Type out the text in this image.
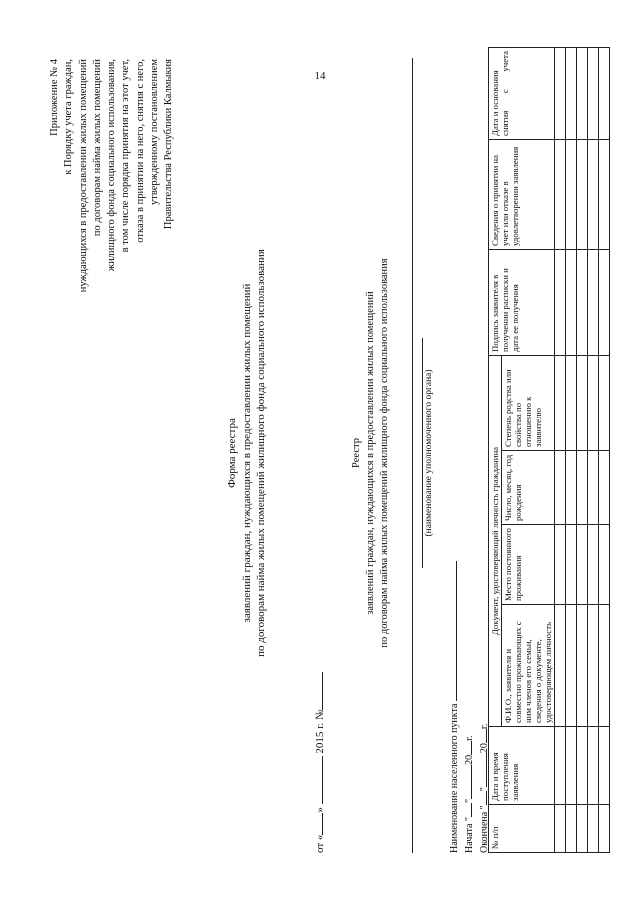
14
Приложение № 4 к Порядку учета граждан, нуждающихся в предоставлении жилых помещений по договорам найма жилых помещений жилищного фонда социального использования, в том числе порядка принятия на этот учет, отказа в принятии на него, снятия с него, утвержденному постановлением Правительства Республики Калмыкия
Форма реестра заявлений граждан, нуждающихся в предоставлении жилых помещений по договорам найма жилых помещений жилищного фонда социального использования
от «»  2015 г. №
Реестр заявлений граждан, нуждающихся в предоставлении жилых помещений по договорам найма жилых помещений жилищного фонда социального использования	(наименование уполномоченного органа)
Наименование населенного пункта Начата ""20г.
Окончена ""20г.
№ п/п	Дата и время поступления заявления	Документ, удостоверяющий личность гражданина				Подпись заявителя в получении расписки и дата ее получения	Сведения о принятии на учет или отказе в удовлетворении заявления	Дата и основания снятия с учета
		Ф.И.О., заявителя и совместно проживающих с ним членов его семьи, сведения о документе, удостоверяющем личность	Место постоянного проживания	Число, месяц, год рождения	Степень родства или свойства по отношению к заявителю			
